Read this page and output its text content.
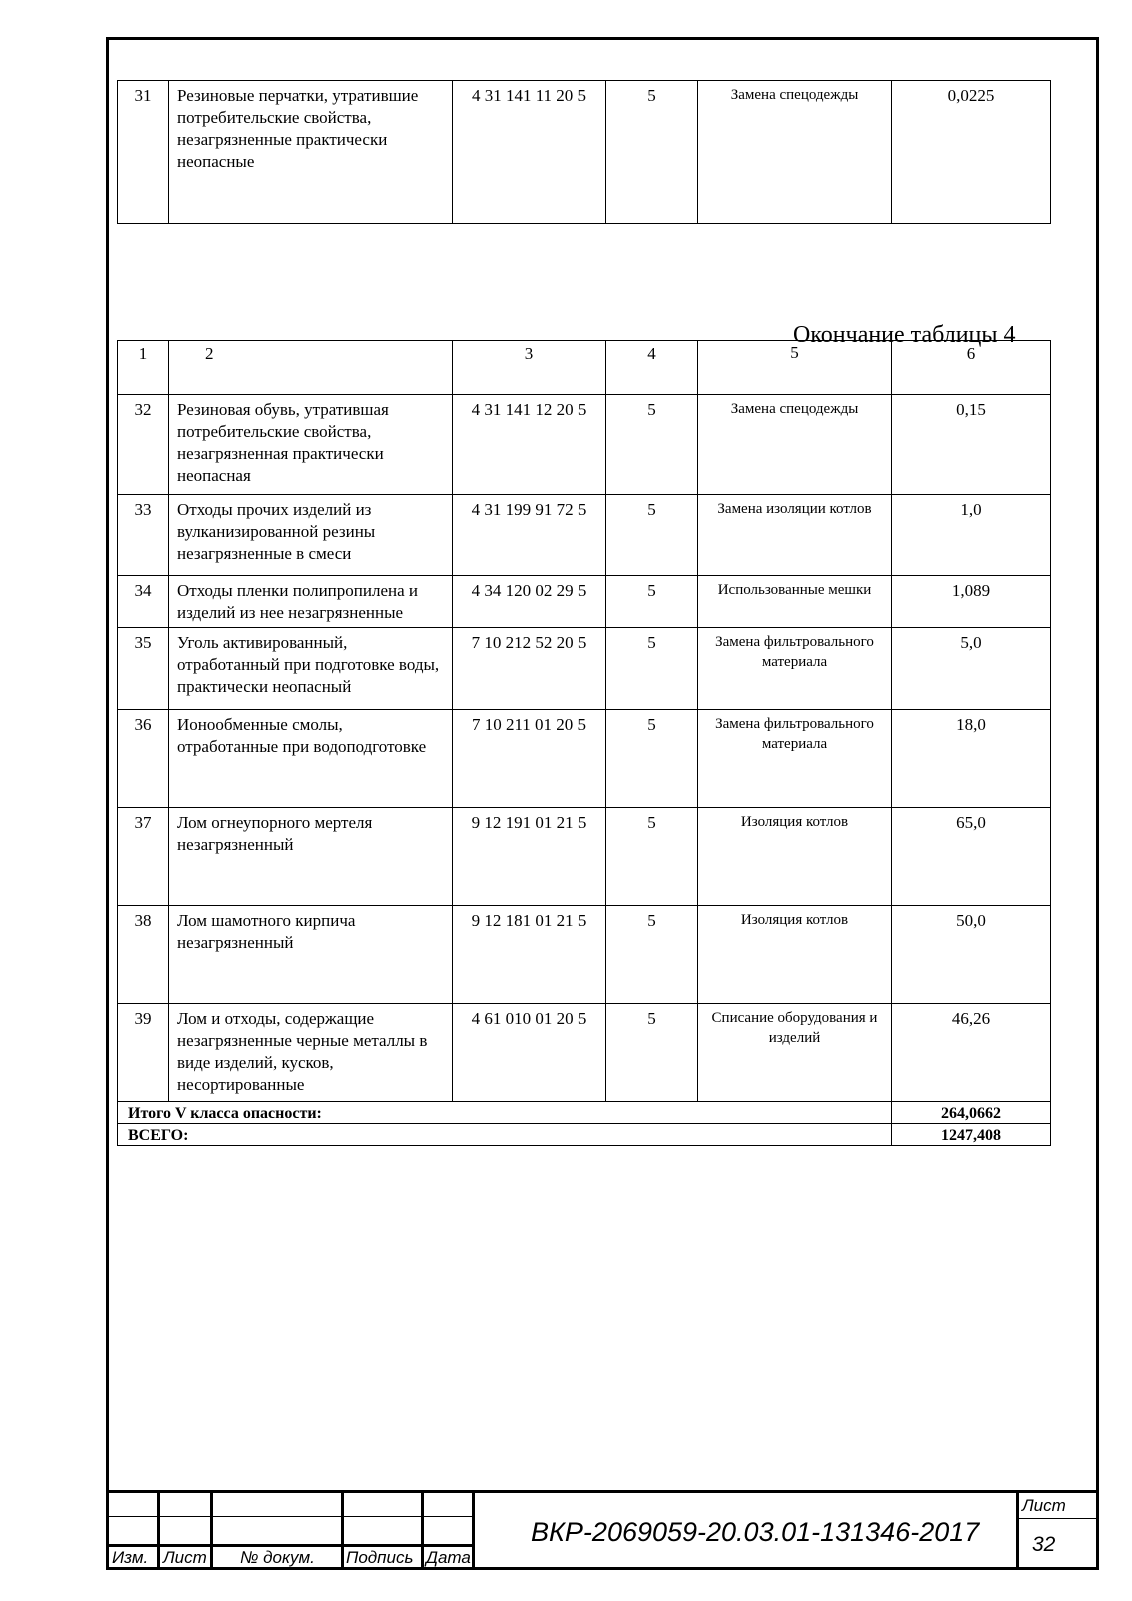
31	Резиновые перчатки, утратившие потребительские свойства, незагрязненные практически неопасные	4 31 141 11 20 5	5	Замена спецодежды	0,0225
Окончание таблицы 4
1	2	3	4	5	6
32	Резиновая обувь, утратившая потребительские свойства, незагрязненная практически неопасная	4 31 141 12 20 5	5	Замена спецодежды	0,15
33	Отходы прочих изделий из вулканизированной резины незагрязненные в смеси	4 31 199 91 72 5	5	Замена изоляции котлов	1,0
34	Отходы пленки полипропилена и изделий из нее незагрязненные	4 34 120 02 29 5	5	Использованные мешки	1,089
35	Уголь активированный, отработанный при подготовке воды, практически неопасный	7 10 212 52 20 5	5	Замена фильтровального материала	5,0
36	Ионообменные смолы, отработанные при водоподготовке	7 10 211 01 20 5	5	Замена фильтровального материала	18,0
37	Лом огнеупорного мертеля незагрязненный	9 12 191 01 21 5	5	Изоляция котлов	65,0
38	Лом шамотного кирпича незагрязненный	9 12 181 01 21 5	5	Изоляция котлов	50,0
39	Лом и отходы, содержащие незагрязненные черные металлы в виде изделий, кусков, несортированные	4 61 010 01 20 5	5	Списание оборудования и изделий	46,26
Итого V класса опасности:					264,0662
ВСЕГО:					1247,408
Изм. Лист № докум. Подпись Дата
ВКР-2069059-20.03.01-131346-2017
Лист
32
